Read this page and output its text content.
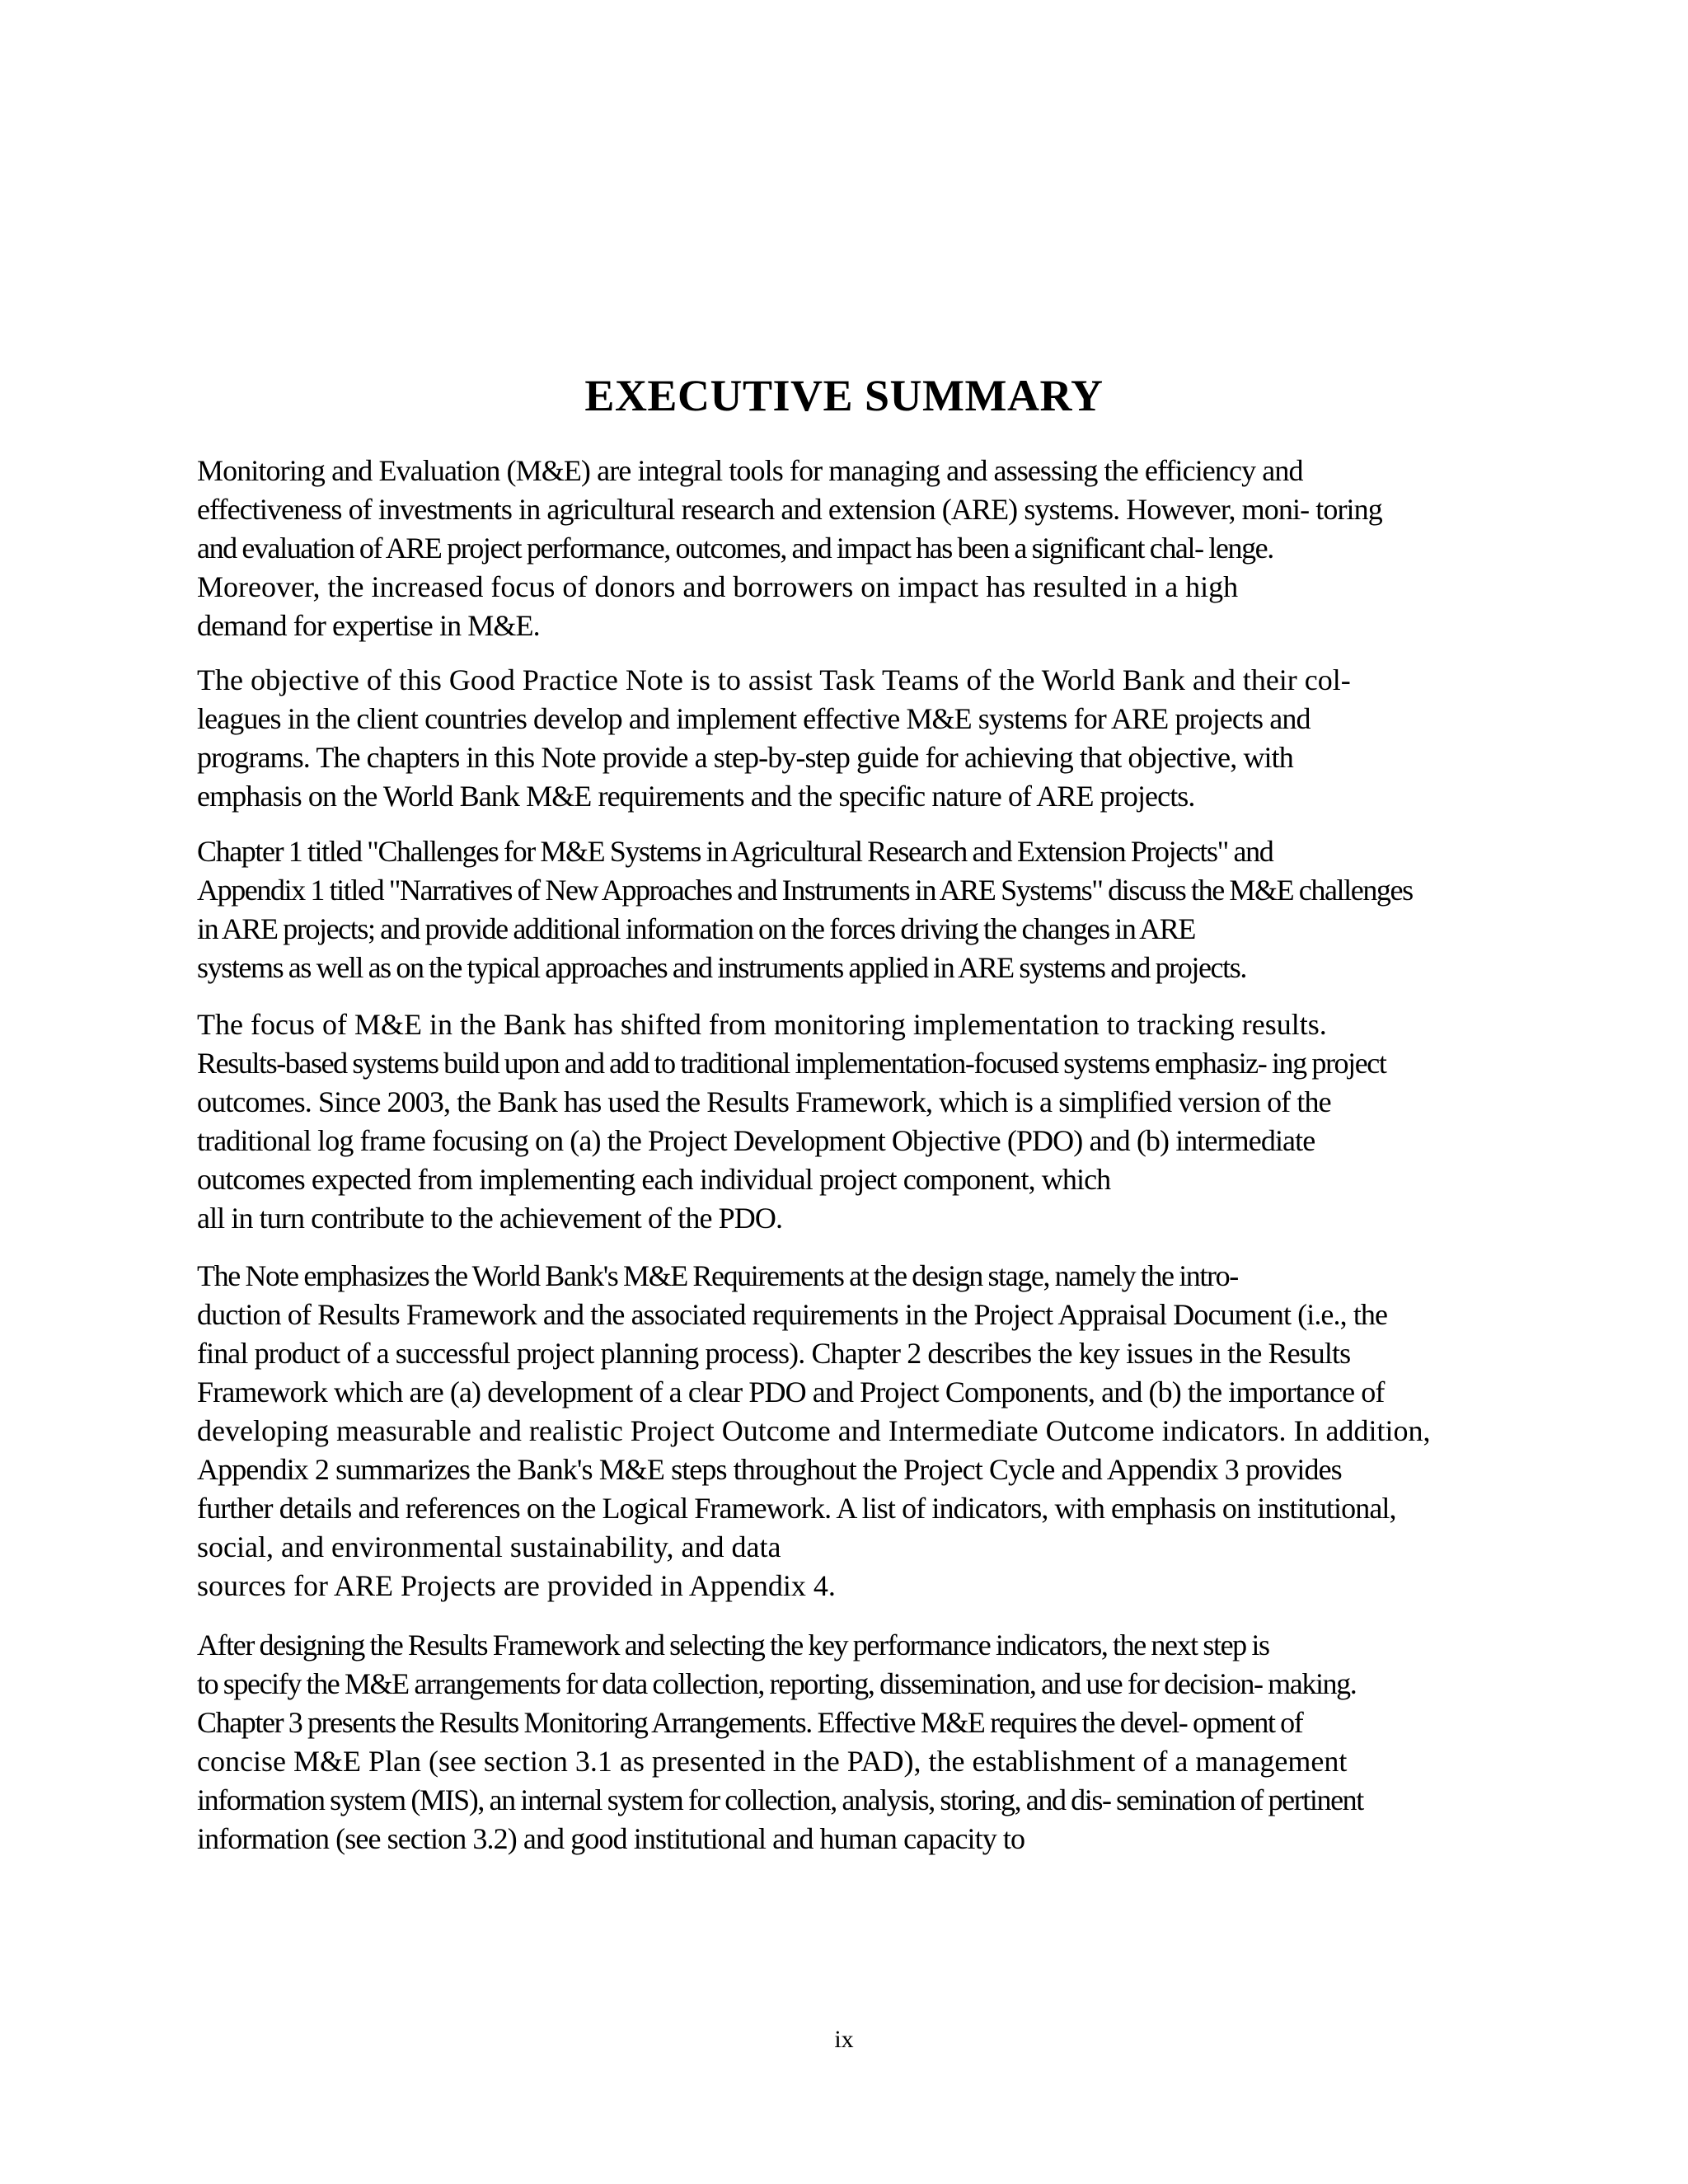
EXECUTIVE SUMMARY
Monitoring and Evaluation (M&E) are integral tools for managing and assessing the efficiency and
effectiveness of investments in agricultural research and extension (ARE) systems. However, moni- toring
and evaluation of ARE project performance, outcomes, and impact has been a significant chal- lenge.
Moreover, the increased focus of donors and borrowers on impact has resulted in a high
demand for expertise in M&E.
The objective of this Good Practice Note is to assist Task Teams of the World Bank and their col-
leagues in the client countries develop and implement effective M&E systems for ARE projects and
programs. The chapters in this Note provide a step-by-step guide for achieving that objective, with
emphasis on the World Bank M&E requirements and the specific nature of ARE projects.
Chapter 1 titled "Challenges for M&E Systems in Agricultural Research and Extension Projects" and
Appendix 1 titled "Narratives of New Approaches and Instruments in ARE Systems" discuss the M&E challenges
in ARE projects; and provide additional information on the forces driving the changes in ARE
systems as well as on the typical approaches and instruments applied in ARE systems and projects.
The focus of M&E in the Bank has shifted from monitoring implementation to tracking results.
Results-based systems build upon and add to traditional implementation-focused systems emphasiz- ing project
outcomes. Since 2003, the Bank has used the Results Framework, which is a simplified version of the
traditional log frame focusing on (a) the Project Development Objective (PDO) and (b) intermediate
outcomes expected from implementing each individual project component, which
all in turn contribute to the achievement of the PDO.
The Note emphasizes the World Bank's M&E Requirements at the design stage, namely the intro-
duction of Results Framework and the associated requirements in the Project Appraisal Document (i.e., the
final product of a successful project planning process). Chapter 2 describes the key issues in the Results
Framework which are (a) development of a clear PDO and Project Components, and (b) the importance of
developing measurable and realistic Project Outcome and Intermediate Outcome indicators. In addition,
Appendix 2 summarizes the Bank's M&E steps throughout the Project Cycle and Appendix 3 provides
further details and references on the Logical Framework. A list of indicators, with emphasis on institutional,
social, and environmental sustainability, and data
sources for ARE Projects are provided in Appendix 4.
After designing the Results Framework and selecting the key performance indicators, the next step is
to specify the M&E arrangements for data collection, reporting, dissemination, and use for decision- making.
Chapter 3 presents the Results Monitoring Arrangements. Effective M&E requires the devel- opment of
concise M&E Plan (see section 3.1 as presented in the PAD), the establishment of a management
information system (MIS), an internal system for collection, analysis, storing, and dis- semination of pertinent
information (see section 3.2) and good institutional and human capacity to
ix
